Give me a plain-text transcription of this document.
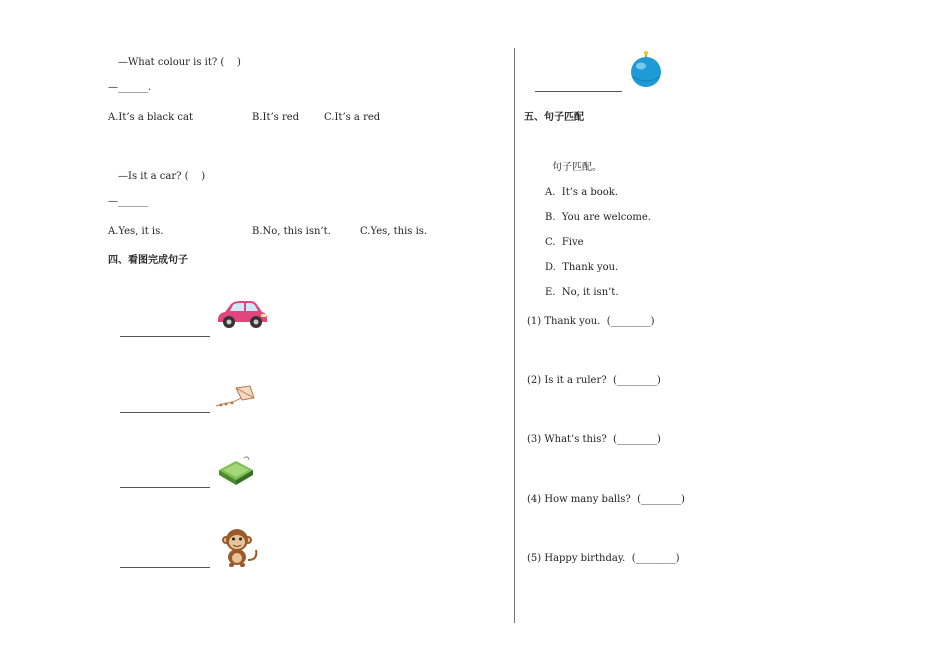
—What colour is it? (    )
—______.
A.It’s a black cat	B.It’s red C.It’s a red
—Is it a car? (    )
—______
A.Yes, it is.	B.No, this isn’t.	C.Yes, this is.
四、看图完成句子
五、句子匹配
句子匹配。
A.  It’s a book.
B.  You are welcome.
C.  Five
D.  Thank you.
E.  No, it isn’t.
(1) Thank you.  (________)
(2) Is it a ruler?  (________)
(3) What’s this?  (________)
(4) How many balls?  (________)
(5) Happy birthday.  (________)
